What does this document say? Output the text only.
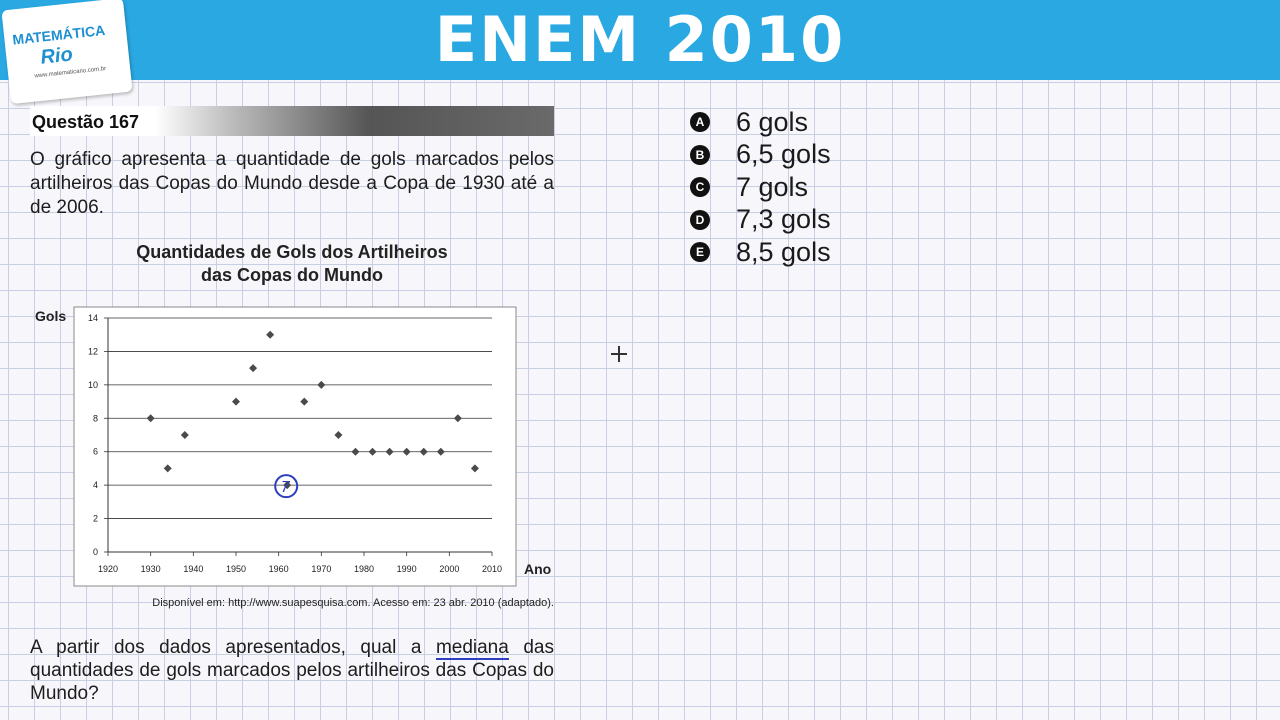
ENEM 2010
MATEMÁTICA
Rio
www.matematicario.com.br
Questão 167
O gráfico apresenta a quantidade de gols marcados pelos artilheiros das Copas do Mundo desde a Copa de 1930 até a de 2006.
Quantidades de Gols dos Artilheiros
das Copas do Mundo
0
2
4
6
8
10
12
14
1920	1930	1940	1950	1960	1970	1980	1990	2000	2010
7
Gols
Ano
Disponível em: http://www.suapesquisa.com. Acesso em: 23 abr. 2010 (adaptado).
A partir dos dados apresentados, qual a mediana das quantidades de gols marcados pelos artilheiros das Copas do Mundo?
A 6 gols
B 6,5 gols
C 7 gols
D 7,3 gols
E 8,5 gols
